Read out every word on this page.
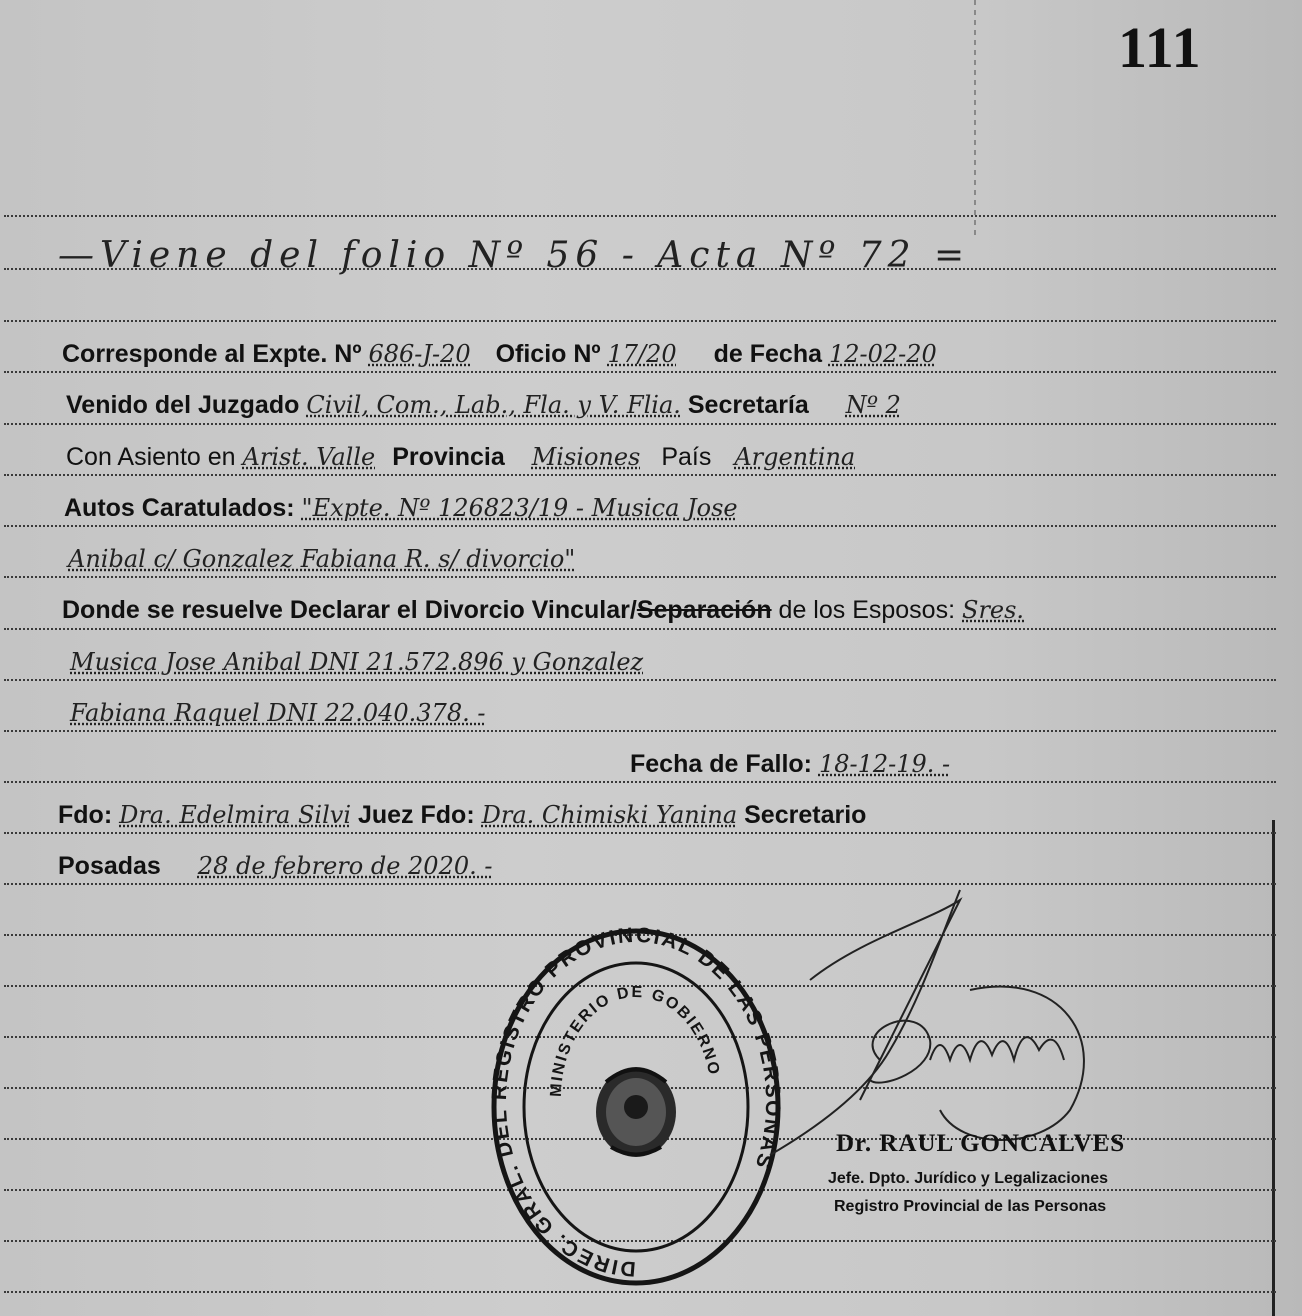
111
—Viene del folio Nº 56 - Acta Nº 72 =
Corresponde al Expte. Nº 686-J-20 Oficio Nº 17/20 de Fecha 12-02-20
Venido del Juzgado Civil, Com., Lab., Fla. y V. Flia. Secretaría Nº 2
Con Asiento en Arist. Valle Provincia Misiones País Argentina
Autos Caratulados: "Expte. Nº 126823/19 - Musica Jose
Anibal c/ Gonzalez Fabiana R. s/ divorcio"
Donde se resuelve Declarar el Divorcio Vincular/Separación de los Esposos: Sres.
Musica Jose Anibal DNI 21.572.896 y Gonzalez
Fabiana Raquel DNI 22.040.378. -
Fecha de Fallo: 18-12-19. -
Fdo: Dra. Edelmira Silvi Juez Fdo: Dra. Chimiski Yanina Secretario
Posadas 28 de febrero de 2020. -
DIREC. GRAL. DEL REGISTRO PROVINCIAL DE LAS PERSONAS
MINISTERIO DE GOBIERNO
Dr. RAUL GONCALVES
Jefe. Dpto. Jurídico y Legalizaciones
Registro Provincial de las Personas
